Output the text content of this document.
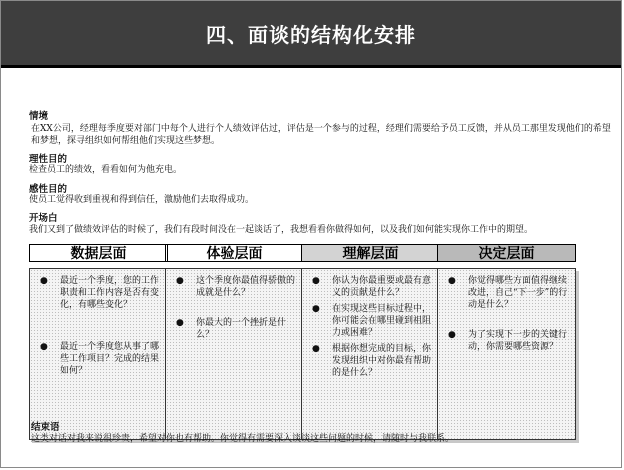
四、面谈的结构化安排
情境
在XX公司，经理每季度要对部门中每个人进行个人绩效评估过，评估是一个参与的过程，经理们需要给予员工反馈，并从员工那里发现他们的希望和梦想，探寻组织如何帮组他们实现这些梦想。
理性目的
检查员工的绩效，看看如何为他充电。
感性目的
使员工觉得收到重视和得到信任，激励他们去取得成功。
开场白
我们又到了做绩效评估的时候了，我们有段时间没在一起谈话了，我想看看你做得如何，以及我们如何能实现你工作中的期望。
数据层面
● 最近一个季度，您的工作职责和工作内容是否有变化，有哪些变化？
● 最近一个季度您从事了哪些工作项目？完成的结果如何？
体验层面
● 这个季度你最值得骄傲的成就是什么？
● 你最大的一个挫折是什么？
理解层面
● 你认为你最重要或最有意义的贡献是什么？
● 在实现这些目标过程中，你可能会在哪里碰到祖阻力或困难？
● 根据你想完成的目标，你发现组织中对你最有帮助的是什么？
决定层面
● 你觉得哪些方面值得继续改进，自己“下一步”的行动是什么？
● 为了实现下一步的关键行动，你需要哪些资源？
结束语
这类对话对我来说很珍贵，希望对你也有帮助。你觉得有需要深入谈谈这些问题的时候，请随时与我联系。
